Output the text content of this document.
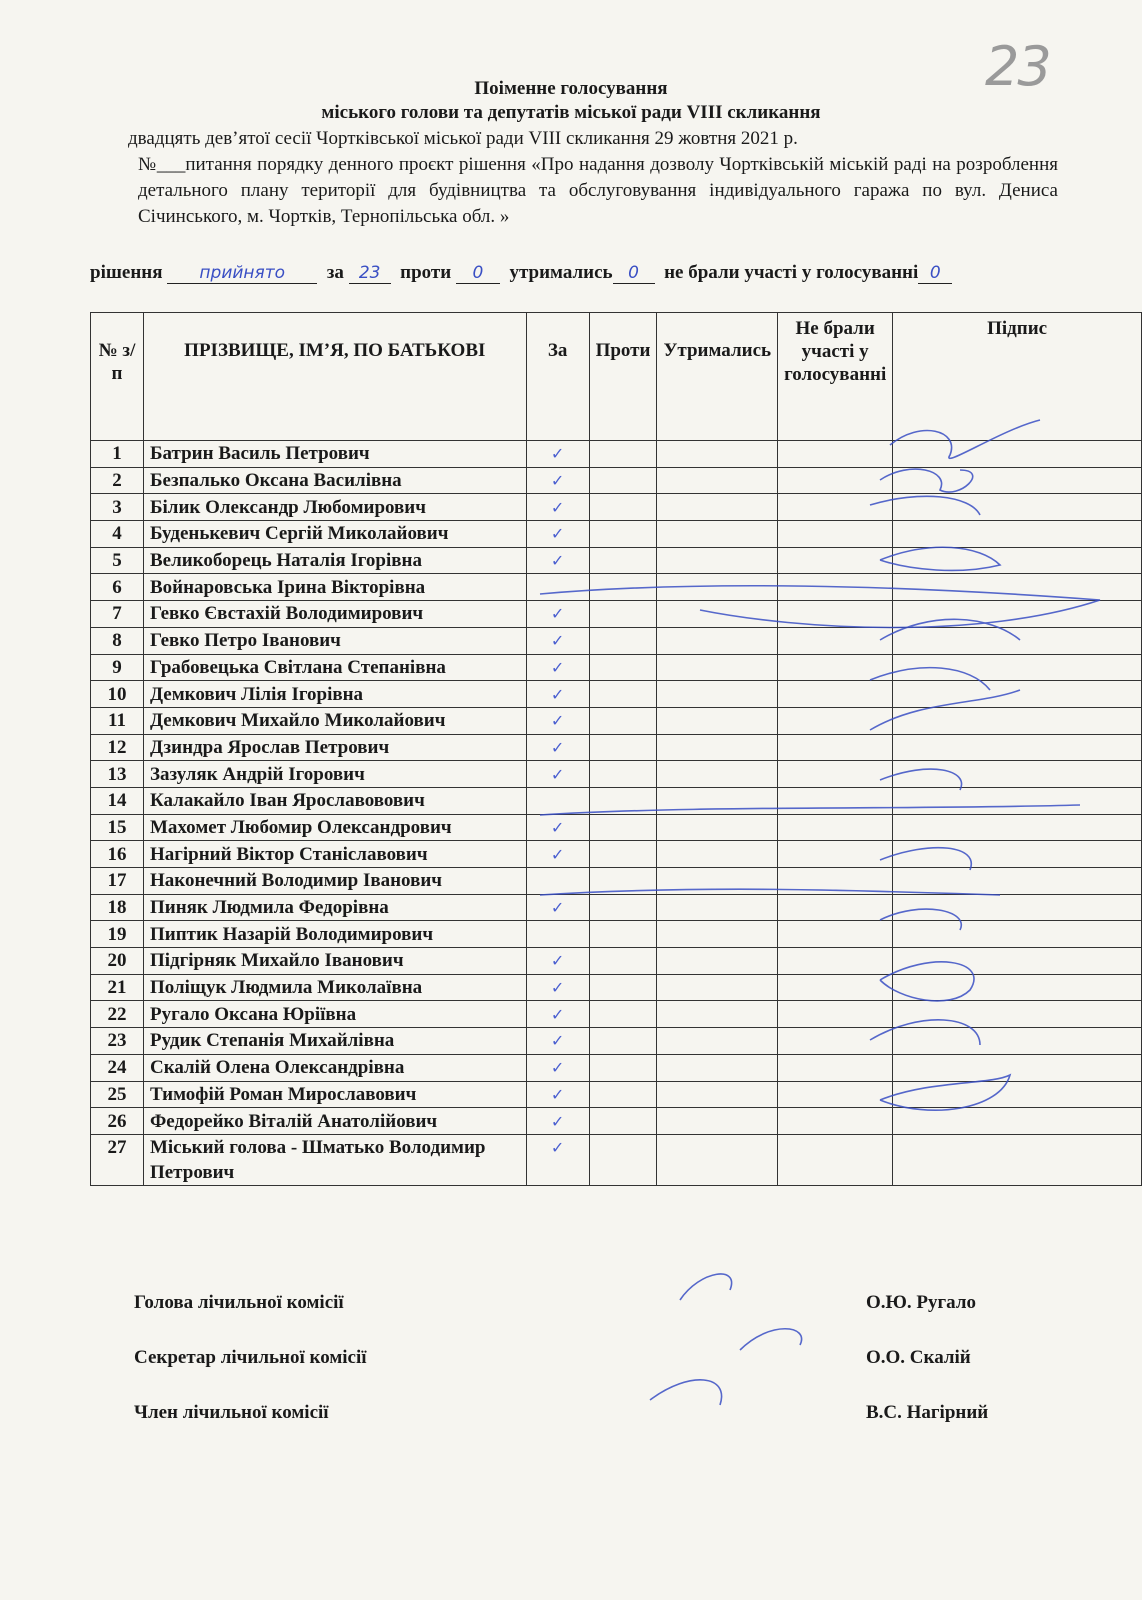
23
Поіменне голосування
міського голови та депутатів міської ради VIII скликання
двадцять дев’ятої сесії Чортківської міської ради VIII скликання 29 жовтня 2021 р.
№___питання порядку денного проєкт рішення «Про надання дозволу Чортківській міській раді на розроблення детального плану території для будівництва та обслуговування індивідуального гаража по вул. Дениса Січинського, м. Чортків, Тернопільська обл. »
рішення прийнято за 23 проти 0 утримались 0 не брали участі у голосуванні 0
№ з/п	ПРІЗВИЩЕ, ІМ’Я, ПО БАТЬКОВІ	За	Проти	Утримались	Не брали участі у голосуванні	Підпис
1	Батрин Василь Петрович	✓				
2	Безпалько Оксана Василівна	✓				
3	Білик Олександр Любомирович	✓				
4	Буденькевич Сергій Миколайович	✓				
5	Великоборець Наталія Ігорівна	✓				
6	Войнаровська Ірина Вікторівна					
7	Гевко Євстахій Володимирович	✓				
8	Гевко Петро Іванович	✓				
9	Грабовецька Світлана Степанівна	✓				
10	Демкович Лілія Ігорівна	✓				
11	Демкович Михайло Миколайович	✓				
12	Дзиндра Ярослав Петрович	✓				
13	Зазуляк Андрій Ігорович	✓				
14	Калакайло Іван Ярославовович					
15	Махомет Любомир Олександрович	✓				
16	Нагірний Віктор Станіславович	✓				
17	Наконечний Володимир Іванович					
18	Пиняк Людмила Федорівна	✓				
19	Пиптик Назарій Володимирович					
20	Підгірняк Михайло Іванович	✓				
21	Поліщук Людмила Миколаївна	✓				
22	Ругало Оксана Юріївна	✓				
23	Рудик Степанія Михайлівна	✓				
24	Скалій Олена Олександрівна	✓				
25	Тимофій Роман Мирославович	✓				
26	Федорейко Віталій Анатолійович	✓				
27	Міський голова - Шматько Володимир Петрович	✓				
Голова лічильної комісії	О.Ю. Ругало
Секретар лічильної комісії	О.О. Скалій
Член лічильної комісії	В.С. Нагірний
